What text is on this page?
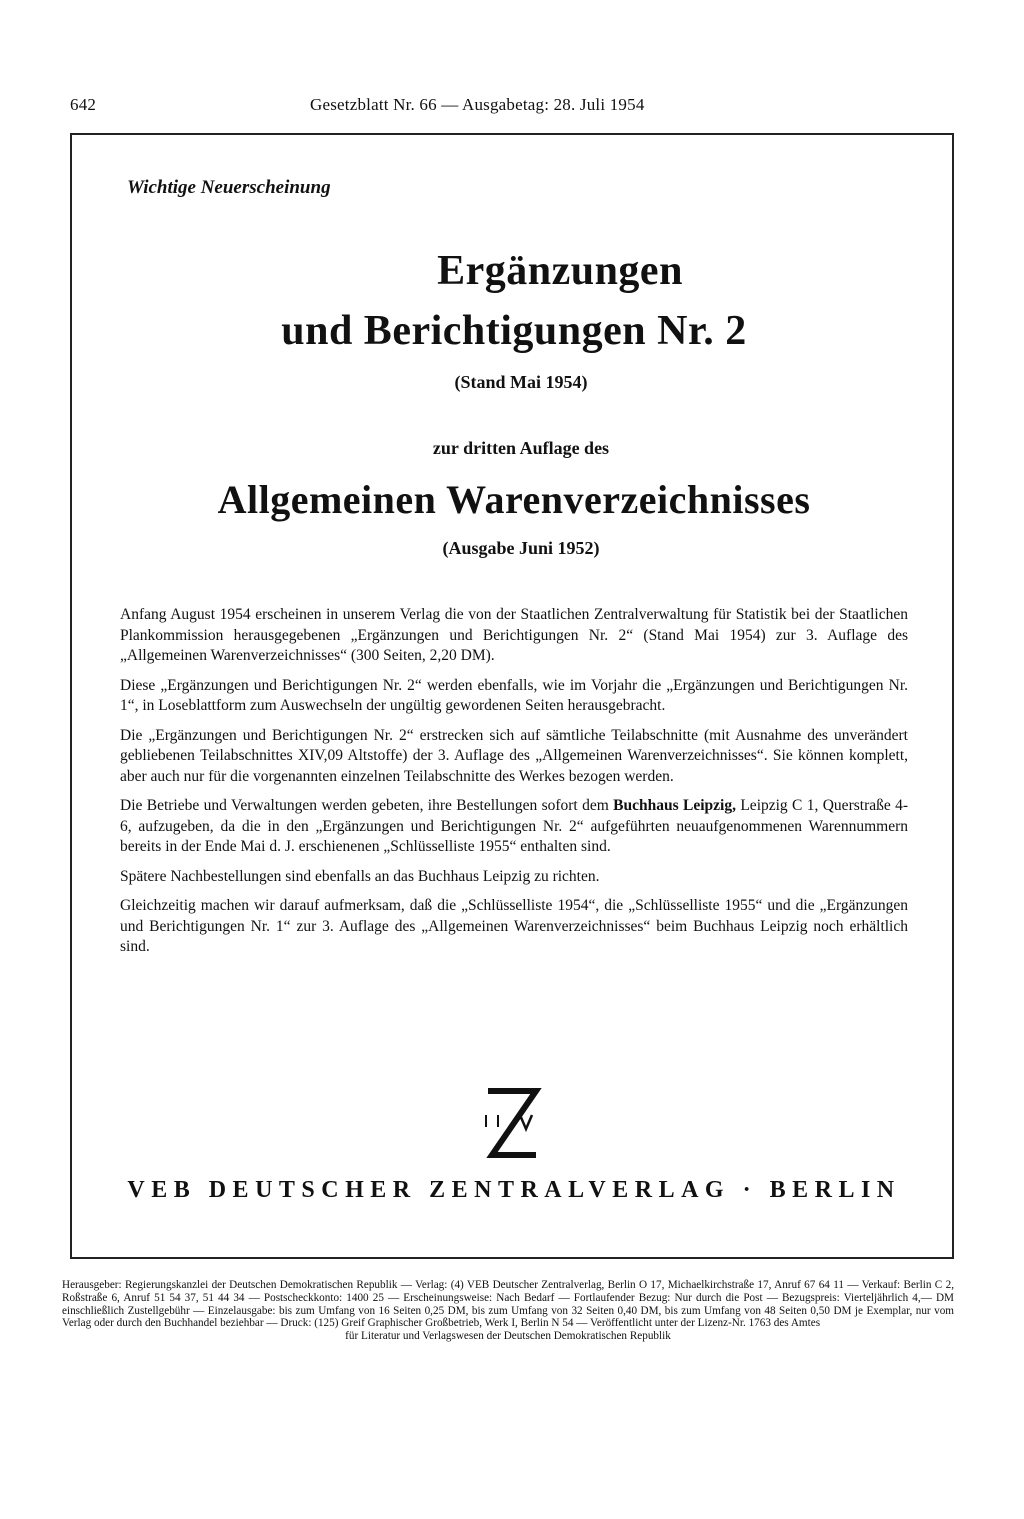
642	Gesetzblatt Nr. 66 — Ausgabetag: 28. Juli 1954
Wichtige Neuerscheinung
Ergänzungen
und Berichtigungen Nr. 2
(Stand Mai 1954)
zur dritten Auflage des
Allgemeinen Warenverzeichnisses
(Ausgabe Juni 1952)

Anfang August 1954 erscheinen in unserem Verlag die von der Staatlichen Zentralverwaltung für Statistik bei der Staatlichen Plankommission herausgegebenen „Ergänzungen und Berichtigungen Nr. 2“ (Stand Mai 1954) zur 3. Auflage des „Allgemeinen Warenverzeichnisses“ (300 Seiten, 2,20 DM).

Diese „Ergänzungen und Berichtigungen Nr. 2“ werden ebenfalls, wie im Vorjahr die „Ergänzungen und Berichtigungen Nr. 1“, in Loseblattform zum Auswechseln der ungültig gewordenen Seiten herausgebracht.

Die „Ergänzungen und Berichtigungen Nr. 2“ erstrecken sich auf sämtliche Teilabschnitte (mit Ausnahme des unverändert gebliebenen Teilabschnittes XIV,09 Altstoffe) der 3. Auflage des „Allgemeinen Warenverzeichnisses“. Sie können komplett, aber auch nur für die vorgenannten einzelnen Teilabschnitte des Werkes bezogen werden.

Die Betriebe und Verwaltungen werden gebeten, ihre Bestellungen sofort dem Buchhaus Leipzig, Leipzig C 1, Querstraße 4-6, aufzugeben, da die in den „Ergänzungen und Berichtigungen Nr. 2“ aufgeführten neuaufgenommenen Warennummern bereits in der Ende Mai d. J. erschienenen „Schlüsselliste 1955“ enthalten sind.

Spätere Nachbestellungen sind ebenfalls an das Buchhaus Leipzig zu richten.

Gleichzeitig machen wir darauf aufmerksam, daß die „Schlüsselliste 1954“, die „Schlüsselliste 1955“ und die „Ergänzungen und Berichtigungen Nr. 1“ zur 3. Auflage des „Allgemeinen Warenverzeichnisses“ beim Buchhaus Leipzig noch erhältlich sind.

VEB DEUTSCHER ZENTRALVERLAG · BERLIN

Herausgeber: Regierungskanzlei der Deutschen Demokratischen Republik — Verlag: (4) VEB Deutscher Zentralverlag, Berlin O 17, Michaelkirchstraße 17, Anruf 67 64 11 — Verkauf: Berlin C 2, Roßstraße 6, Anruf 51 54 37, 51 44 34 — Postscheckkonto: 1400 25 — Erscheinungsweise: Nach Bedarf — Fortlaufender Bezug: Nur durch die Post — Bezugspreis: Vierteljährlich 4,— DM einschließlich Zustellgebühr — Einzelausgabe: bis zum Umfang von 16 Seiten 0,25 DM, bis zum Umfang von 32 Seiten 0,40 DM, bis zum Umfang von 48 Seiten 0,50 DM je Exemplar, nur vom Verlag oder durch den Buchhandel beziehbar — Druck: (125) Greif Graphischer Großbetrieb, Werk I, Berlin N 54 — Veröffentlicht unter der Lizenz-Nr. 1763 des Amtes

für Literatur und Verlagswesen der Deutschen Demokratischen Republik
